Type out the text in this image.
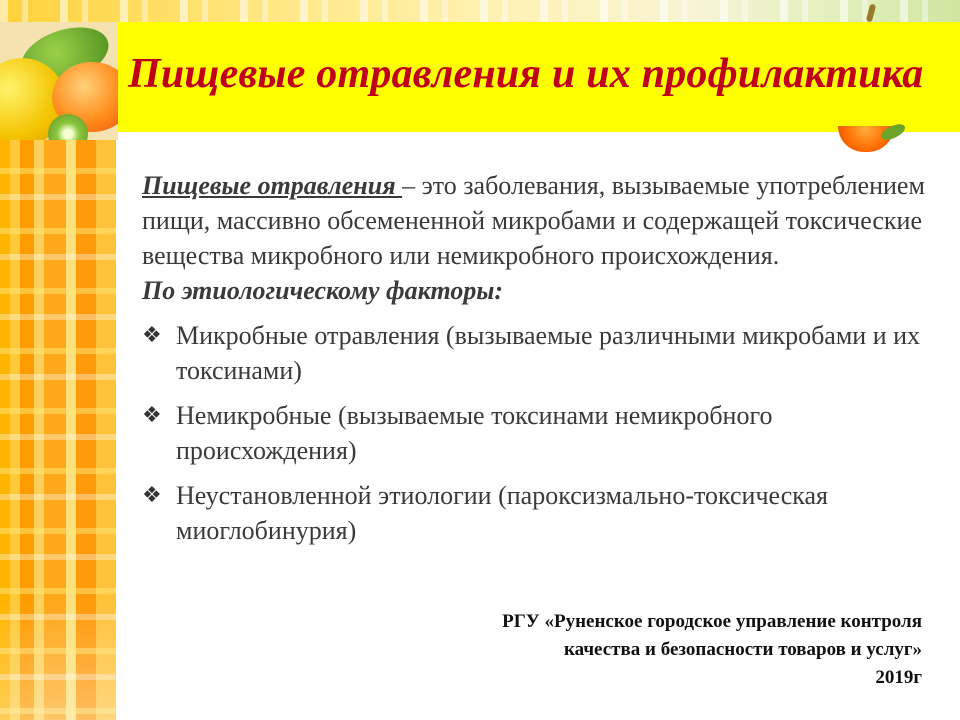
Пищевые отравления и их профилактика

Пищевые отравления – это заболевания, вызываемые употреблением пищи, массивно обсемененной микробами и содержащей токсические вещества микробного или немикробного происхождения.

По этиологическому факторы:

❖ Микробные отравления (вызываемые различными микробами и их токсинами)
❖ Немикробные (вызываемые токсинами немикробного происхождения)
❖ Неустановленной этиологии (пароксизмально-токсическая миоглобинурия)
РГУ «Руненское городское управление контроля
качества и безопасности товаров и услуг»
2019г
